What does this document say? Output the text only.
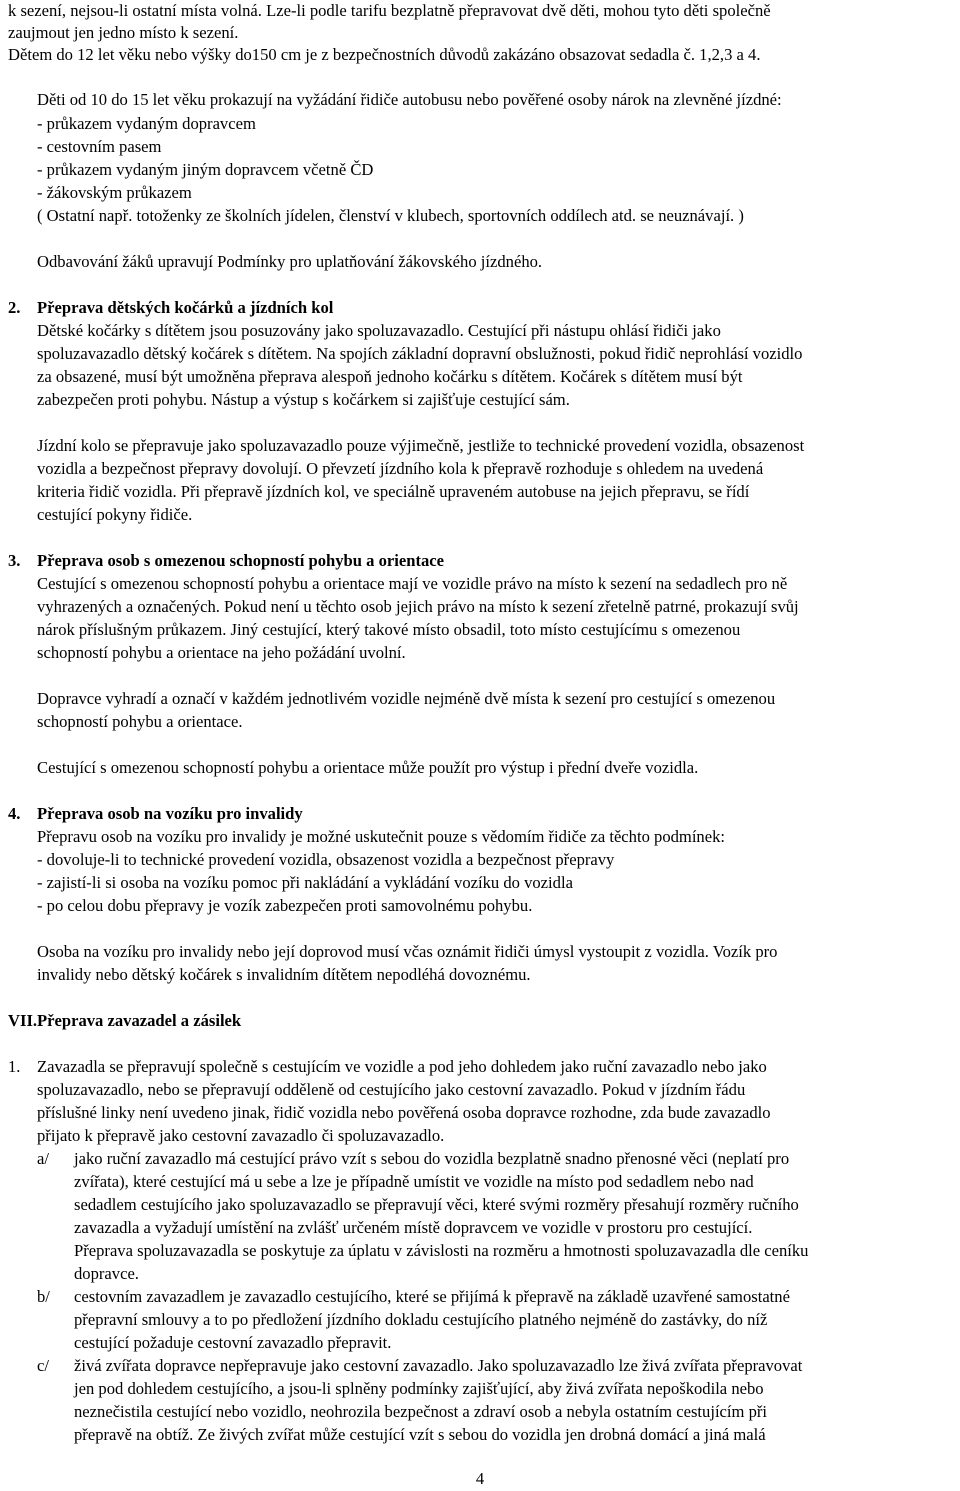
k sezení, nejsou-li ostatní místa volná. Lze-li podle tarifu bezplatně přepravovat dvě děti, mohou tyto děti společně
zaujmout jen jedno místo k sezení.
Dětem do 12 let věku nebo výšky do150 cm je z bezpečnostních důvodů zakázáno obsazovat sedadla č. 1,2,3 a 4.
Děti od 10 do 15 let věku prokazují na vyžádání řidiče autobusu nebo pověřené osoby nárok na zlevněné jízdné:
- průkazem vydaným dopravcem
- cestovním pasem
- průkazem vydaným jiným dopravcem včetně ČD
- žákovským průkazem
( Ostatní např. totoženky ze školních jídelen, členství v klubech, sportovních oddílech atd. se neuznávají. )
Odbavování žáků upravují Podmínky pro uplatňování žákovského jízdného.
2. Přeprava dětských kočárků a jízdních kol
Dětské kočárky s dítětem jsou posuzovány jako spoluzavazadlo. Cestující při nástupu ohlásí řidiči jako
spoluzavazadlo dětský kočárek s dítětem. Na spojích základní dopravní obslužnosti, pokud řidič neprohlásí vozidlo
za obsazené, musí být umožněna přeprava alespoň jednoho kočárku s dítětem. Kočárek s dítětem musí být
zabezpečen proti pohybu. Nástup a výstup s kočárkem si zajišťuje cestující sám.
Jízdní kolo se přepravuje jako spoluzavazadlo pouze výjimečně, jestliže to technické provedení vozidla, obsazenost
vozidla a bezpečnost přepravy dovolují. O převzetí jízdního kola k přepravě rozhoduje s ohledem na uvedená
kriteria řidič vozidla. Při přepravě jízdních kol, ve speciálně upraveném autobuse na jejich přepravu, se řídí
cestující pokyny řidiče.
3. Přeprava osob s omezenou schopností pohybu a orientace
Cestující s omezenou schopností pohybu a orientace mají ve vozidle právo na místo k sezení na sedadlech pro ně
vyhrazených a označených. Pokud není u těchto osob jejich právo na místo k sezení zřetelně patrné, prokazují svůj
nárok příslušným průkazem. Jiný cestující, který takové místo obsadil, toto místo cestujícímu s omezenou
schopností pohybu a orientace na jeho požádání uvolní.
Dopravce vyhradí a označí v každém jednotlivém vozidle nejméně dvě místa k sezení pro cestující s omezenou
schopností pohybu a orientace.
Cestující s omezenou schopností pohybu a orientace může použít pro výstup i přední dveře vozidla.
4. Přeprava osob na vozíku pro invalidy
Přepravu osob na vozíku pro invalidy je možné uskutečnit pouze s vědomím řidiče za těchto podmínek:
- dovoluje-li to technické provedení vozidla, obsazenost vozidla a bezpečnost přepravy
- zajistí-li si osoba na vozíku pomoc při nakládání a vykládání vozíku do vozidla
- po celou dobu přepravy je vozík zabezpečen proti samovolnému pohybu.
Osoba na vozíku pro invalidy nebo její doprovod musí včas oznámit řidiči úmysl vystoupit z vozidla. Vozík pro
invalidy nebo dětský kočárek s invalidním dítětem nepodléhá dovoznému.
VII. Přeprava zavazadel a zásilek
1. Zavazadla se přepravují společně s cestujícím ve vozidle a pod jeho dohledem jako ruční zavazadlo nebo jako
spoluzavazadlo, nebo se přepravují odděleně od cestujícího jako cestovní zavazadlo. Pokud v jízdním řádu
příslušné linky není uvedeno jinak, řidič vozidla nebo pověřená osoba dopravce rozhodne, zda bude zavazadlo
přijato k přepravě jako cestovní zavazadlo či spoluzavazadlo.
a/ jako ruční zavazadlo má cestující právo vzít s sebou do vozidla bezplatně snadno přenosné věci (neplatí pro
zvířata), které cestující má u sebe a lze je případně umístit ve vozidle na místo pod sedadlem nebo nad
sedadlem cestujícího jako spoluzavazadlo se přepravují věci, které svými rozměry přesahují rozměry ručního
zavazadla a vyžadují umístění na zvlášť určeném místě dopravcem ve vozidle v prostoru pro cestující.
Přeprava spoluzavazadla se poskytuje za úplatu v závislosti na rozměru a hmotnosti spoluzavazadla dle ceníku
dopravce.
b/ cestovním zavazadlem je zavazadlo cestujícího, které se přijímá k přepravě na základě uzavřené samostatné
přepravní smlouvy a to po předložení jízdního dokladu cestujícího platného nejméně do zastávky, do níž
cestující požaduje cestovní zavazadlo přepravit.
c/ živá zvířata dopravce nepřepravuje jako cestovní zavazadlo. Jako spoluzavazadlo lze živá zvířata přepravovat
jen pod dohledem cestujícího, a jsou-li splněny podmínky zajišťující, aby živá zvířata nepoškodila nebo
neznečistila cestující nebo vozidlo, neohrozila bezpečnost a zdraví osob a nebyla ostatním cestujícím při
přepravě na obtíž. Ze živých zvířat může cestující vzít s sebou do vozidla jen drobná domácí a jiná malá
4
